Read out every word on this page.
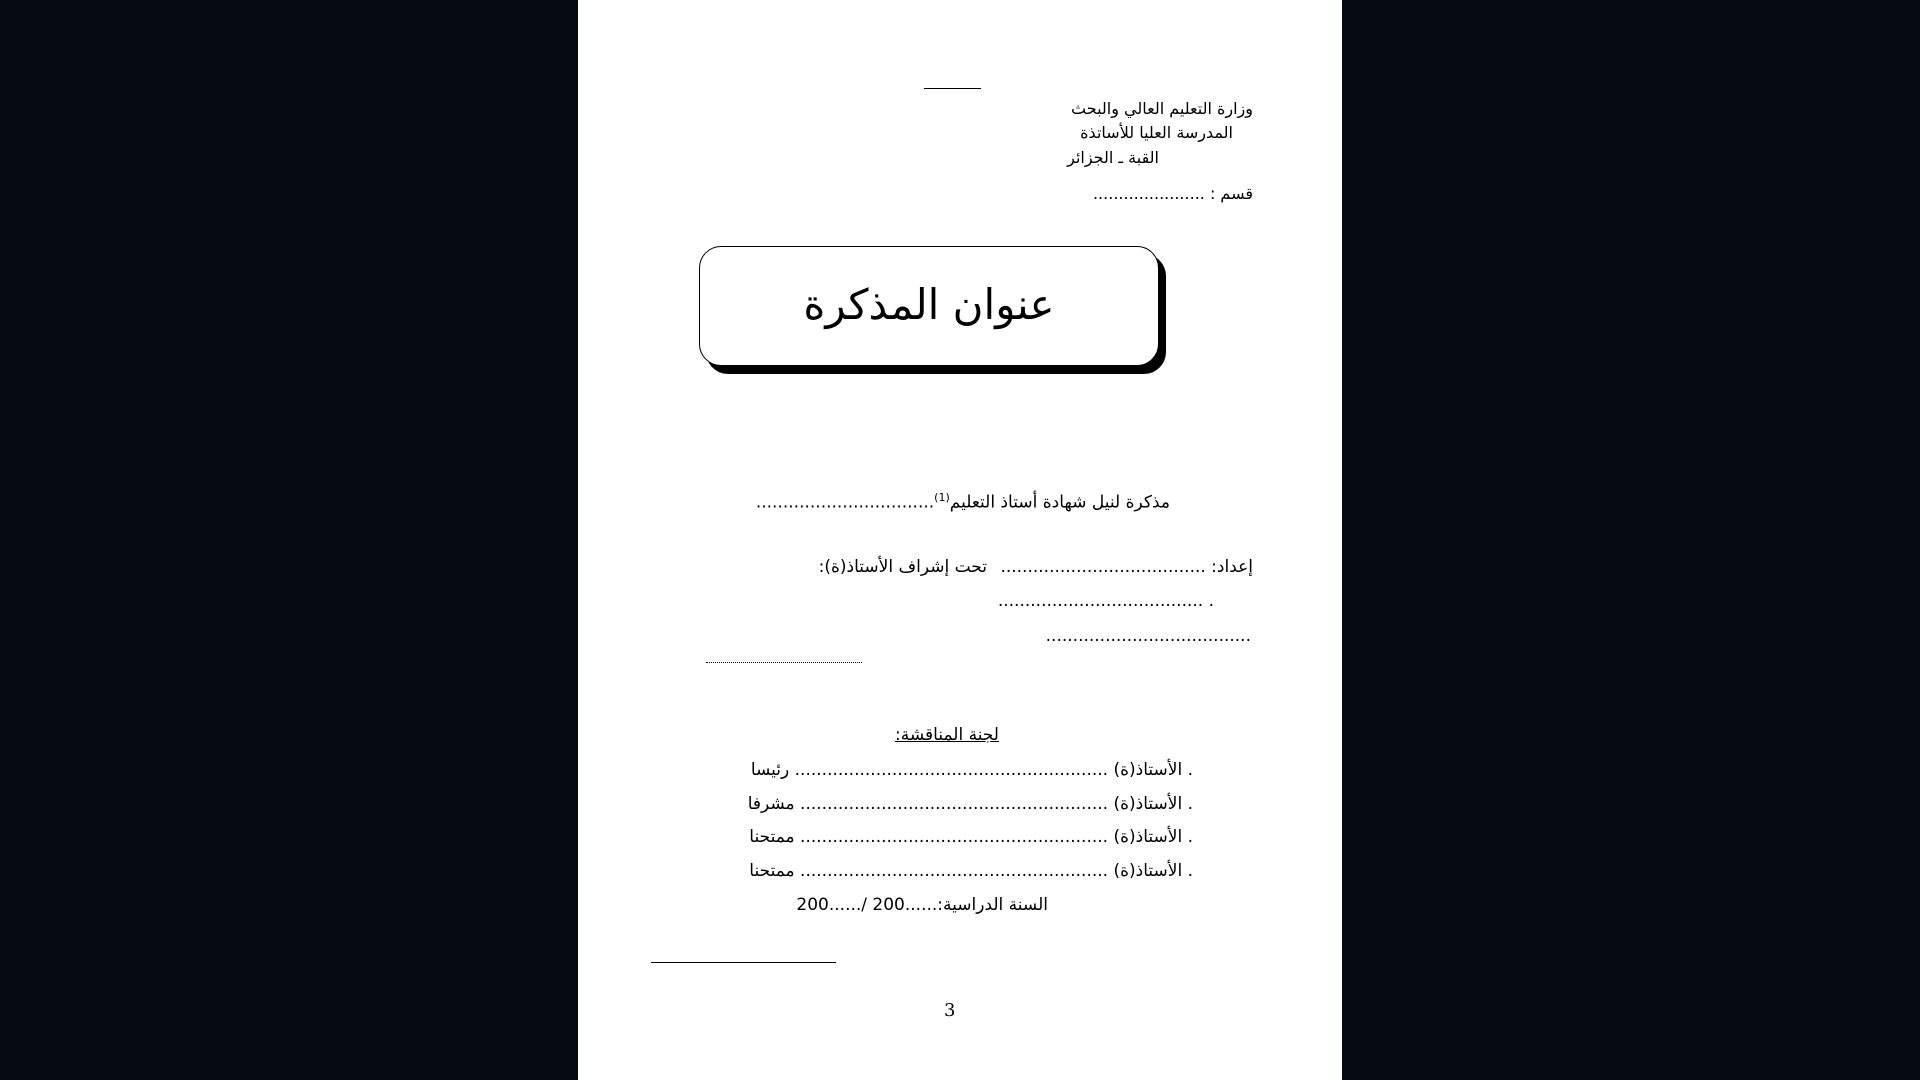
وزارة التعليم العالي والبحث
المدرسة العليا للأساتذة
القبة ـ الجزائر
قسم : ......................
عنوان المذكرة
مذكرة لنيل شهادة أستاذ التعليم$^{(1)}$.................................
إعداد: ......................................
. ......................................
......................................
تحت إشراف الأستاذ(ة):
لجنة المناقشة:
. الأستاذ(ة) .......................................................... رئيسا
. الأستاذ(ة) ......................................................... مشرفا
. الأستاذ(ة) ......................................................... ممتحنا
. الأستاذ(ة) ......................................................... ممتحنا
السنة الدراسية:......200 /......200
3
